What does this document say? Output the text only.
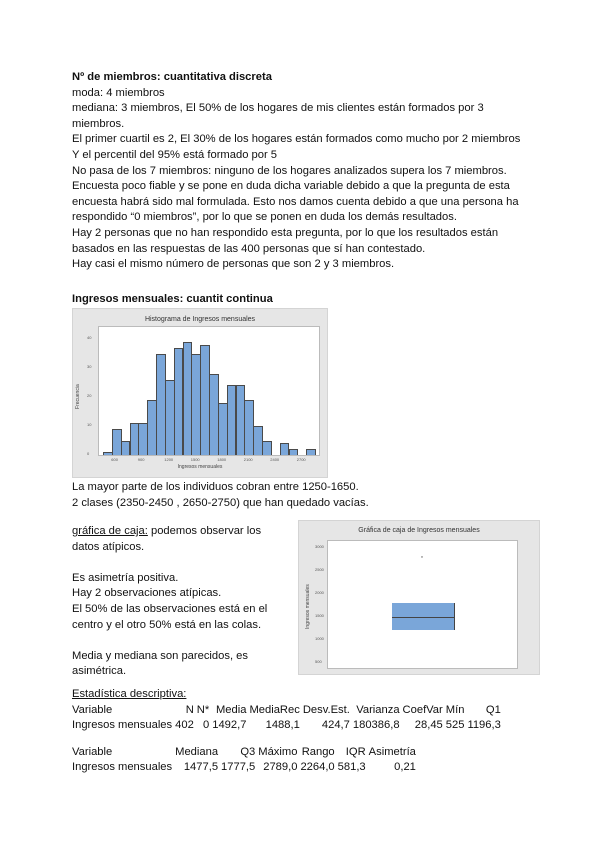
Nº de miembros: cuantitativa discreta
moda: 4 miembros
mediana: 3 miembros, El 50% de los hogares de mis clientes están formados por 3
miembros.
El primer cuartil es 2, El 30% de los hogares están formados como mucho por 2 miembros
Y el percentil del 95% está formado por 5
No pasa de los 7 miembros: ninguno de los hogares analizados supera los 7 miembros.
Encuesta poco fiable y se pone en duda dicha variable debido a que la pregunta de esta
encuesta habrá sido mal formulada. Esto nos damos cuenta debido a que una persona ha
respondido “0 miembros”, por lo que se ponen en duda los demás resultados.
Hay 2 personas que no han respondido esta pregunta, por lo que los resultados están
basados en las respuestas de las 400 personas que sí han contestado.
Hay casi el mismo número de personas que son 2 y 3 miembros.
Ingresos mensuales: cuantit continua
Histograma de Ingresos mensuales
Frecuencia
0
10
20
30
40
600	900	1200	1500	1800	2100	2400	2700
Ingresos mensuales
La mayor parte de los individuos cobran entre 1250-1650.
2 clases (2350-2450 , 2650-2750) que han quedado vacías.
gráfica de caja: podemos observar los
datos atípicos.
Es asimetría positiva.
Hay 2 observaciones atípicas.
El 50% de las observaciones está en el
centro y el otro 50% está en las colas.
Media y mediana son parecidos, es
asimétrica.
Gráfica de caja de Ingresos mensuales
Ingresos mensuales
*
500
1000
1500
2000
2500
3000
Estadística descriptiva:
Variable	N	N*	Media	MediaRec	Desv.Est.	Varianza	CoefVar	Mín	Q1
Ingresos mensuales	402	0	1492,7	1488,1	424,7	180386,8	28,45	525	1196,3
Variable	Mediana	Q3	Máximo	Rango	IQR	Asimetría
Ingresos mensuales	1477,5	1777,5	2789,0	2264,0	581,3	0,21
